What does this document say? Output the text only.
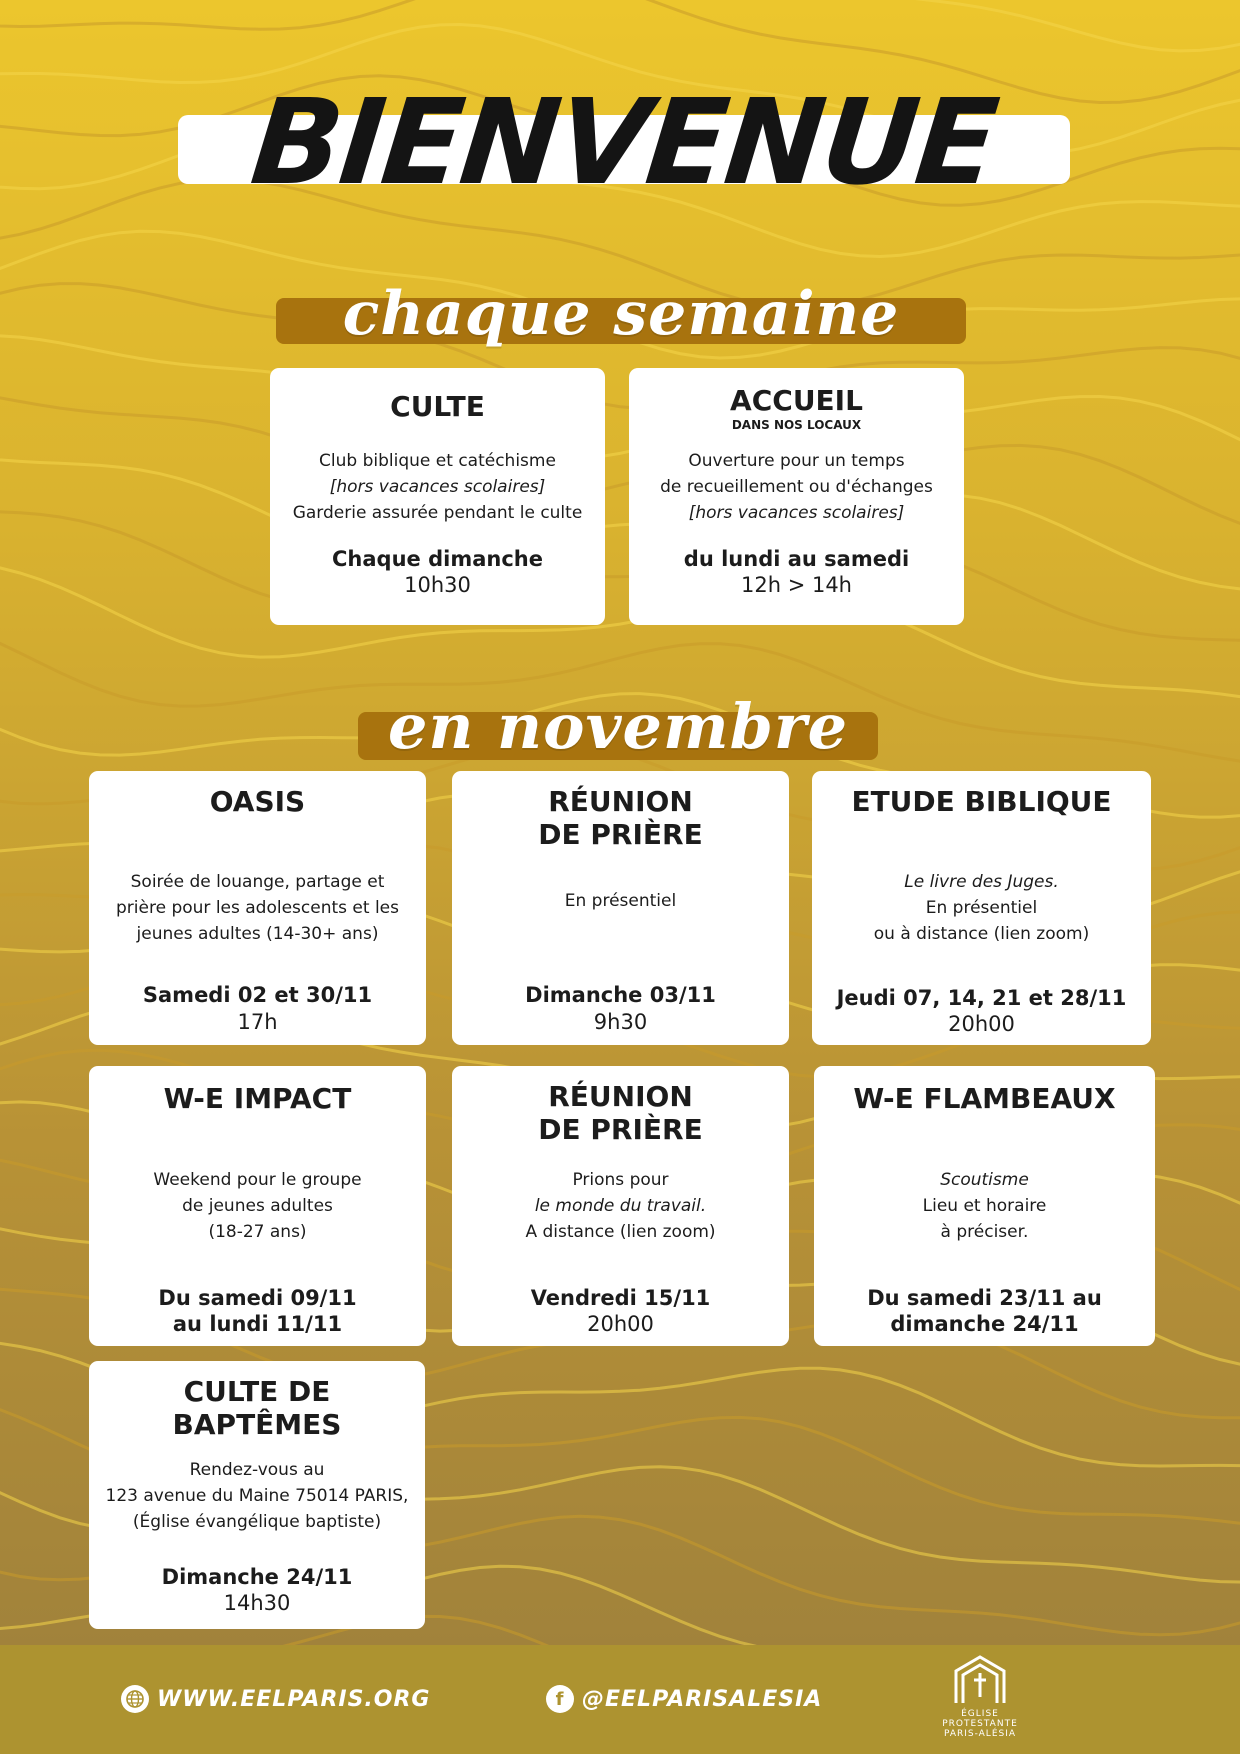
BIENVENUE
chaque semaine
CULTE
Club biblique et catéchisme
[hors vacances scolaires]
Garderie assurée pendant le culte
Chaque dimanche
10h30
ACCUEIL
DANS NOS LOCAUX
Ouverture pour un temps
de recueillement ou d'échanges
[hors vacances scolaires]
du lundi au samedi
12h > 14h
en novembre
OASIS
Soirée de louange, partage et
prière pour les adolescents et les
jeunes adultes (14-30+ ans)
Samedi 02 et 30/11
17h
RÉUNION
DE PRIÈRE
En présentiel
Dimanche 03/11
9h30
ETUDE BIBLIQUE
Le livre des Juges.
En présentiel
ou à distance (lien zoom)
Jeudi 07, 14, 21 et 28/11
20h00
W-E IMPACT
Weekend pour le groupe
de jeunes adultes
(18-27 ans)
Du samedi 09/11
au lundi 11/11
RÉUNION
DE PRIÈRE
Prions pour
le monde du travail.
A distance (lien zoom)
Vendredi 15/11
20h00
W-E FLAMBEAUX
Scoutisme
Lieu et horaire
à préciser.
Du samedi 23/11 au
dimanche 24/11
CULTE DE
BAPTÊMES
Rendez-vous au
123 avenue du Maine 75014 PARIS,
(Église évangélique baptiste)
Dimanche 24/11
14h30
WWW.EELPARIS.ORG	f @EELPARISALESIA
ÉGLISE
PROTESTANTE
PARIS-ALÉSIA
